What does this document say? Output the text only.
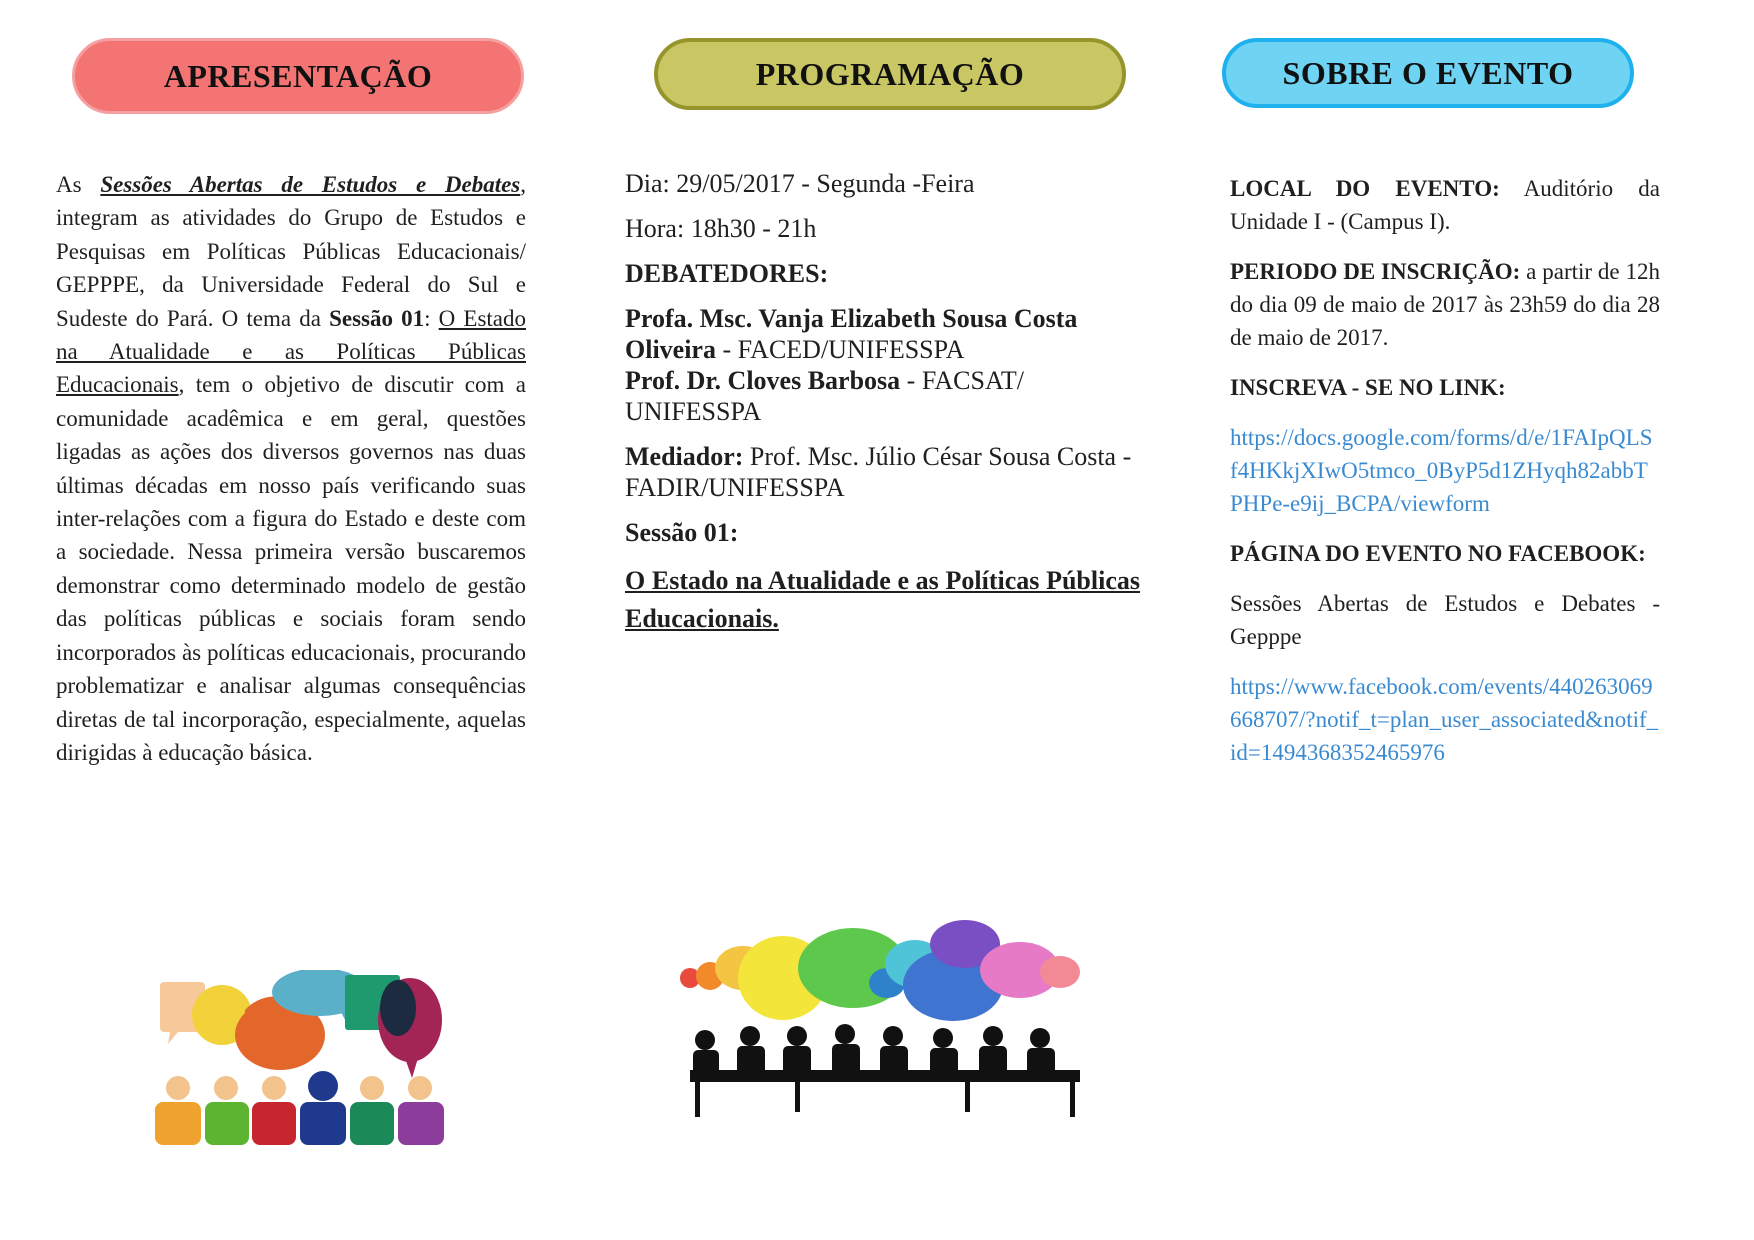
APRESENTAÇÃO	PROGRAMAÇÃO	SOBRE O EVENTO

As Sessões Abertas de Estudos e Debates, integram as atividades do Grupo de Estudos e Pesquisas em Políticas Públicas Educacionais/ GEPPPE, da Universidade Federal do Sul e Sudeste do Pará. O tema da Sessão 01: O Estado na Atualidade e as Políticas Públicas Educacionais, tem o objetivo de discutir com a comunidade acadêmica e em geral, questões ligadas as ações dos diversos governos nas duas últimas décadas em nosso país verificando suas inter-relações com a figura do Estado e deste com a sociedade. Nessa primeira versão buscaremos demonstrar como determinado modelo de gestão das políticas públicas e sociais foram sendo incorporados às políticas educacionais, procurando problematizar e analisar algumas consequências diretas de tal incorporação, especialmente, aquelas dirigidas à educação básica.

Dia: 29/05/2017 - Segunda -Feira

Hora: 18h30 - 21h

DEBATEDORES:

Profa. Msc. Vanja Elizabeth Sousa Costa Oliveira - FACED/UNIFESSPA

Prof. Dr. Cloves Barbosa - FACSAT/ UNIFESSPA

Mediador: Prof. Msc. Júlio César Sousa Costa - FADIR/UNIFESSPA

Sessão 01:

O Estado na Atualidade e as Políticas Públicas Educacionais.

LOCAL DO EVENTO: Auditório da Unidade I - (Campus I).

PERIODO DE INSCRIÇÃO: a partir de 12h do dia 09 de maio de 2017 às 23h59 do dia 28 de maio de 2017.

INSCREVA - SE NO LINK:

https://docs.google.com/forms/d/e/1FAIpQLSf4HKkjXIwO5tmco_0ByP5d1ZHyqh82abbTPHPe-e9ij_BCPA/viewform

PÁGINA DO EVENTO NO FACEBOOK:

Sessões Abertas de Estudos e Debates - Gepppe

https://www.facebook.com/events/440263069668707/?notif_t=plan_user_associated&notif_id=1494368352465976
